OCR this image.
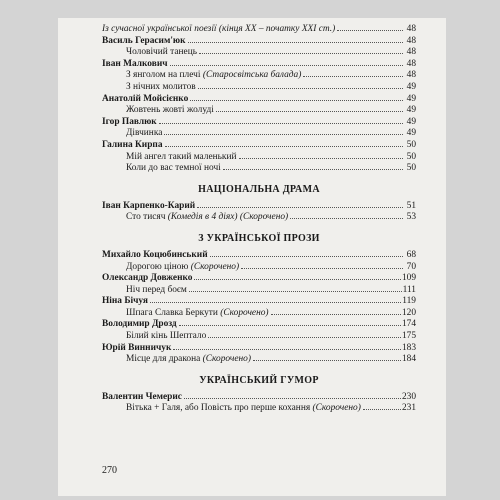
Із сучасної української поезії (кінця ХХ – початку ХХІ ст.)	48
Василь Герасим'юк	48
Чоловічий танець	48
Іван Малкович	48
З янголом на плечі (Старосвітська балада)	48
З нічних молитов	49
Анатолій Мойсієнко	49
Жовтень жовті жолуді	49
Ігор Павлюк	49
Дівчинка	49
Галина Кирпа	50
Мій ангел такий маленький	50
Коли до вас темної ночі	50
НАЦІОНАЛЬНА ДРАМА
Іван Карпенко-Карий	51
Сто тисяч (Комедія в 4 діях) (Скорочено)	53
З УКРАЇНСЬКОЇ ПРОЗИ
Михайло Коцюбинський	68
Дорогою ціною (Скорочено)	70
Олександр Довженко	109
Ніч перед боєм	111
Ніна Бічуя	119
Шпага Славка Беркути (Скорочено)	120
Володимир Дрозд	174
Білий кінь Шептало	175
Юрій Винничук	183
Місце для дракона (Скорочено)	184
УКРАЇНСЬКИЙ ГУМОР
Валентин Чемерис	230
Вітька + Галя, або Повість про перше кохання (Скорочено)	231
270
